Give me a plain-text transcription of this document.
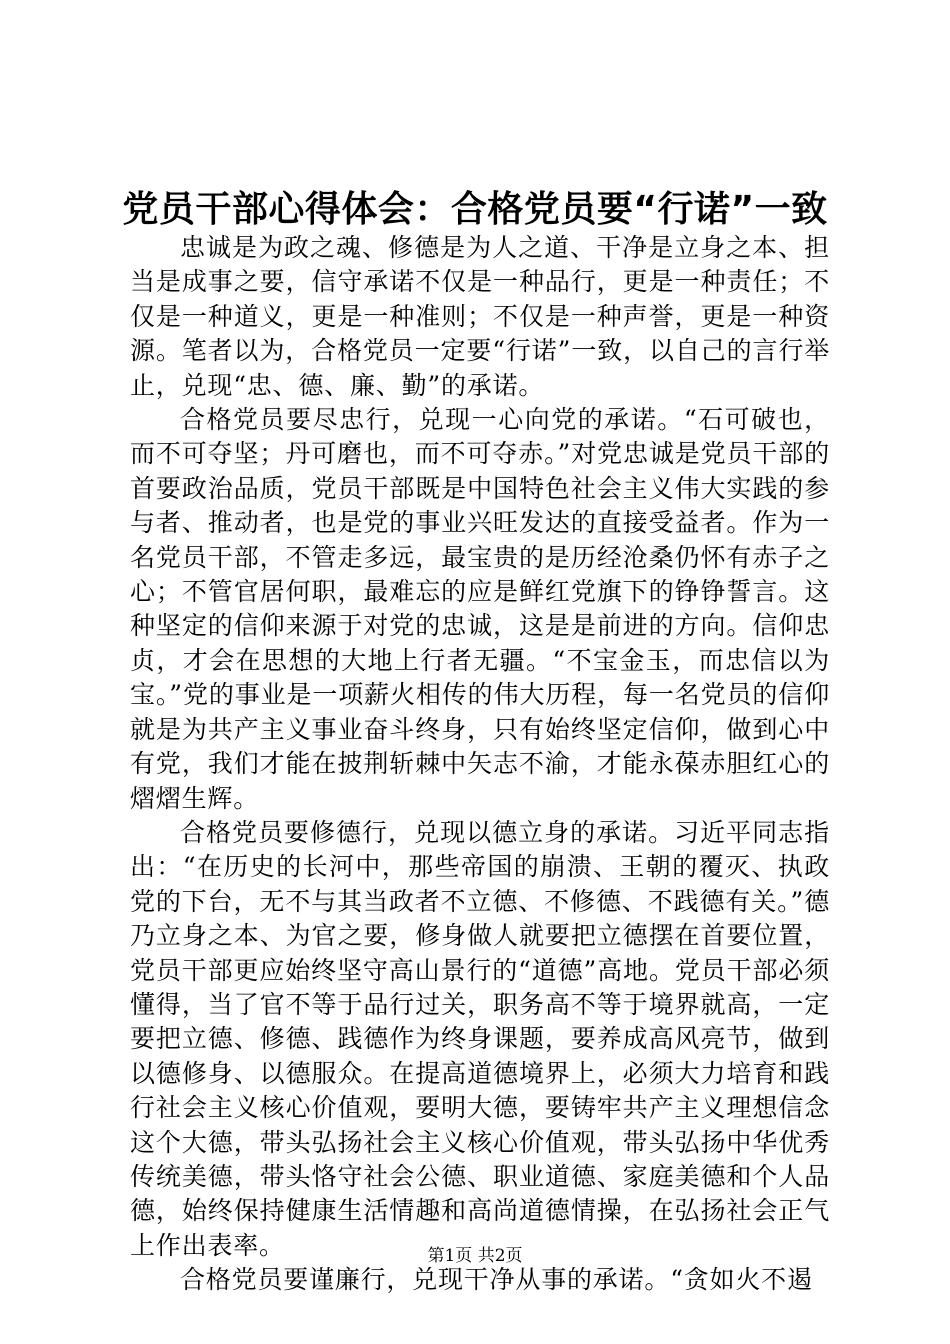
党员干部心得体会：合格党员要“行诺”一致

忠诚是为政之魂、修德是为人之道、干净是立身之本、担当是成事之要，信守承诺不仅是一种品行，更是一种责任；不仅是一种道义，更是一种准则；不仅是一种声誉，更是一种资源。笔者以为，合格党员一定要“行诺”一致，以自己的言行举止，兑现“忠、德、廉、勤”的承诺。

合格党员要尽忠行，兑现一心向党的承诺。“石可破也，而不可夺坚；丹可磨也，而不可夺赤。”对党忠诚是党员干部的首要政治品质，党员干部既是中国特色社会主义伟大实践的参与者、推动者，也是党的事业兴旺发达的直接受益者。作为一名党员干部，不管走多远，最宝贵的是历经沧桑仍怀有赤子之心；不管官居何职，最难忘的应是鲜红党旗下的铮铮誓言。这种坚定的信仰来源于对党的忠诚，这是是前进的方向。信仰忠贞，才会在思想的大地上行者无疆。“不宝金玉，而忠信以为宝。”党的事业是一项薪火相传的伟大历程，每一名党员的信仰就是为共产主义事业奋斗终身，只有始终坚定信仰，做到心中有党，我们才能在披荆斩棘中矢志不渝，才能永葆赤胆红心的熠熠生辉。

合格党员要修德行，兑现以德立身的承诺。习近平同志指出：“在历史的长河中，那些帝国的崩溃、王朝的覆灭、执政党的下台，无不与其当政者不立德、不修德、不践德有关。”德乃立身之本、为官之要，修身做人就要把立德摆在首要位置，党员干部更应始终坚守高山景行的“道德”高地。党员干部必须懂得，当了官不等于品行过关，职务高不等于境界就高，一定要把立德、修德、践德作为终身课题，要养成高风亮节，做到以德修身、以德服众。在提高道德境界上，必须大力培育和践行社会主义核心价值观，要明大德，要铸牢共产主义理想信念这个大德，带头弘扬社会主义核心价值观，带头弘扬中华优秀传统美德，带头恪守社会公德、职业道德、家庭美德和个人品德，始终保持健康生活情趣和高尚道德情操，在弘扬社会正气上作出表率。

合格党员要谨廉行，兑现干净从事的承诺。“贪如火不遏

第1页 共2页
